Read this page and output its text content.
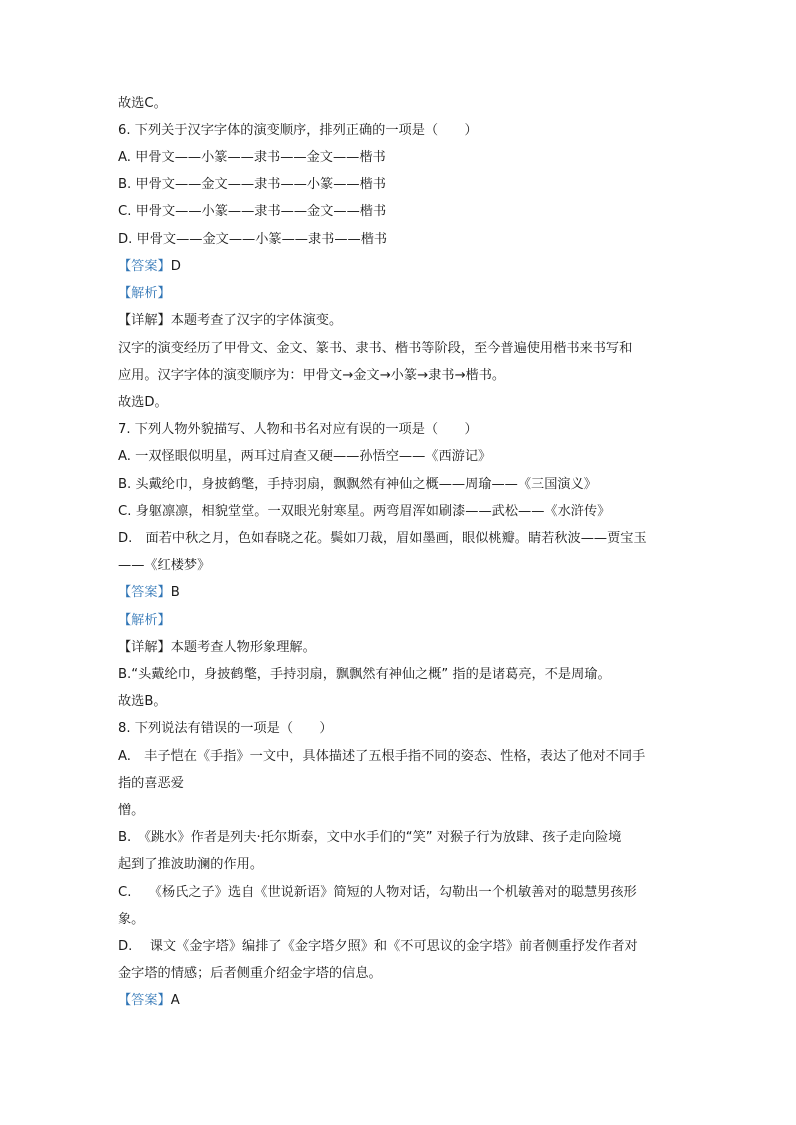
故选C。
6. 下列关于汉字字体的演变顺序，排列正确的一项是（　　）
A. 甲骨文——小篆——隶书——金文——楷书
B. 甲骨文——金文——隶书——小篆——楷书
C. 甲骨文——小篆——隶书——金文——楷书
D. 甲骨文——金文——小篆——隶书——楷书
【答案】D
【解析】
【详解】本题考查了汉字的字体演变。
汉字的演变经历了甲骨文、金文、篆书、隶书、楷书等阶段，至今普遍使用楷书来书写和
应用。汉字字体的演变顺序为：甲骨文→金文→小篆→隶书→楷书。
故选D。
7. 下列人物外貌描写、人物和书名对应有误的一项是（　　）
A. 一双怪眼似明星，两耳过肩查又硬——孙悟空——《西游记》
B. 头戴纶巾，身披鹤氅，手持羽扇，飘飘然有神仙之概——周瑜——《三国演义》
C. 身躯凛凛，相貌堂堂。一双眼光射寒星。两弯眉浑如刷漆——武松——《水浒传》
D.　面若中秋之月，色如春晓之花。鬓如刀裁，眉如墨画，眼似桃瓣。睛若秋波——贾宝玉
——《红楼梦》
【答案】B
【解析】
【详解】本题考查人物形象理解。
B.“头戴纶巾，身披鹤氅，手持羽扇，飘飘然有神仙之概” 指的是诸葛亮，不是周瑜。
故选B。
8. 下列说法有错误的一项是（　　）
A.　丰子恺在《手指》一文中，具体描述了五根手指不同的姿态、性格，表达了他对不同手
指的喜恶爱
憎。
B.　《跳水》作者是列夫·托尔斯泰，文中水手们的“笑” 对猴子行为放肆、孩子走向险境
起到了推波助澜的作用。
C.　 《杨氏之子》选自《世说新语》简短的人物对话，勾勒出一个机敏善对的聪慧男孩形
象。
D.　 课文《金字塔》编排了《金字塔夕照》和《不可思议的金字塔》前者侧重抒发作者对
金字塔的情感；后者侧重介绍金字塔的信息。
【答案】A
